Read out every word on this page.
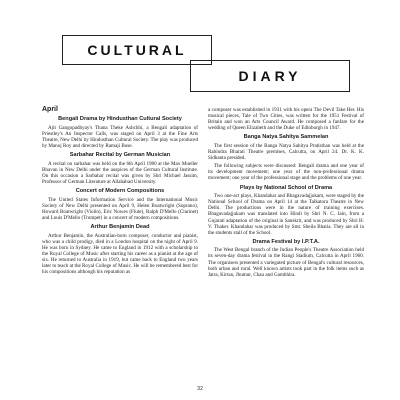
DIARY
CULTURAL
April
Bengali Drama by Hindusthan Cultural Society

Ajit Gangopadhyay's Thana Theke Ashchhi, a Bengali adaptation of Priestley's An Inspector Calls, was staged on April 3 at the Fine Arts Theatre, New Delhi by Hindusthan Cultural Society. The play was produced by Manoj Roy and directed by Ramaji Bose.

Sarbahar Recital by German Musician

A recital on sarbahar was held on the 6th April 1980 at the Max Mueller Bhavan in New Delhi under the auspices of the German Cultural Institute. On this occasion a Sarbahar recital was given by Shri Michael Jassim, Professor of German Literature at Allahabad University.

Concert of Modern Compositions

The United States Information Service and the International Music Society of New Delhi presented on April 9, Helen Boatwright (Soprano), Howard Boatwright (Violin), Eric Nowes (Flute), Ralph D'Mello (Clarinet) and Louis D'Mello (Trumpet) in a concert of modern compositions.

Arthur Benjamin Dead

Arthur Benjamin, the Australian-born composer, conductor and pianist, who was a child prodigy, died in a London hospital on the night of April 9. He was born in Sydney. He came to England in 1912 with a scholarship to the Royal College of Music after starting his career as a pianist at the age of six. He returned to Australia in 1919, but came back to England two years later to teach at the Royal College of Music. He will be remembered best for his compositions although his reputation as

a composer was established in 1931 with his opera The Devil Take Her. His musical pieces, Tale of Two Cities, was written for the 1951 Festival of Britain and won an Arts Council Award. He composed a fanfare for the wedding of Queen Elizabeth and the Duke of Edinburgh in 1947.

Banga Natya Sahitya Sammelan

The first session of the Banga Natya Sahitya Pratisthan was held at the Rabindra Bharati Theatre premises, Calcutta, on April 24. Dr. K. K. Sidhanta presided.

The following subjects were discussed: Bengali drama and one year of its development movement; one year of the non-professional drama movement; one year of the professional stage and the problems of one year.

Plays by National School of Drama

Two one-act plays, Khandahar and Bhagavadajjukam, were staged by the National School of Drama on April 14 at the Talkatora Theatre in New Delhi. The productions were in the nature of training exercises. Bhagavadajjukam was translated into Hindi by Shri N. C. Jain, from a Gujarati adaptation of the original in Sanskrit, and was produced by Shri H. V. Thaker. Khandahar was produced by Smt. Sheila Bhatia. They are all in the students stall of the School.

Drama Festival by I.P.T.A.

The West Bengal branch of the Indian People's Theatre Association held its seven-day drama festival in the Rangi Stadium, Calcutta in April 1960. The organisers presented a variegated picture of Bengal's cultural resources, both urban and rural. Well known artists took part in the folk items such as Jatra, Kirtan, Jhumur, Chau and Gambhira.

32
